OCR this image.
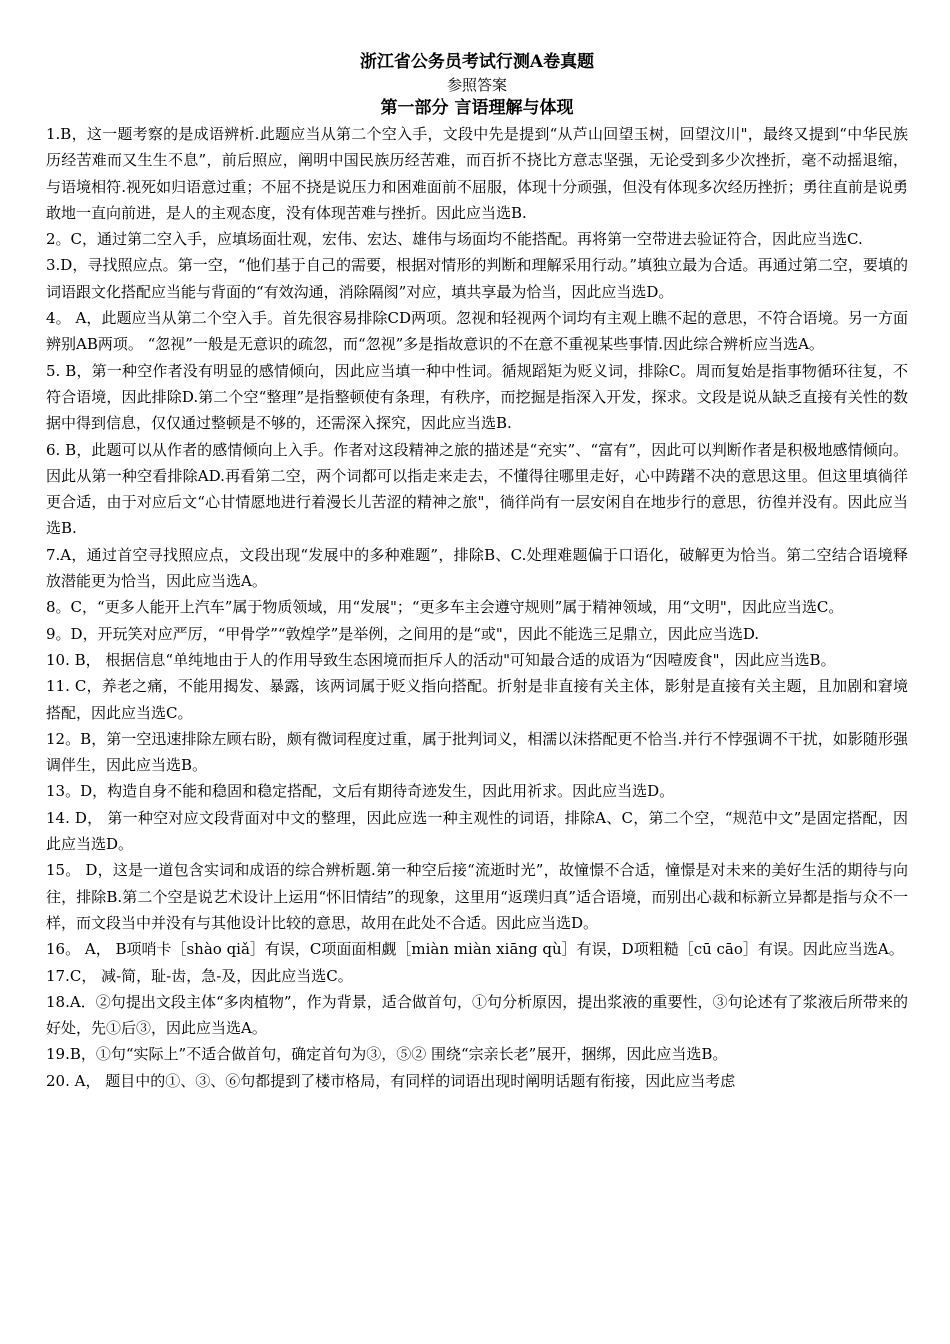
浙江省公务员考试行测A卷真题

参照答案

第一部分 言语理解与体现

1.B，这一题考察的是成语辨析.此题应当从第二个空入手，文段中先是提到“从芦山回望玉树，回望汶川"，最终又提到“中华民族历经苦难而又生生不息”，前后照应，阐明中国民族历经苦难，而百折不挠比方意志坚强，无论受到多少次挫折，毫不动摇退缩，与语境相符.视死如归语意过重；不屈不挠是说压力和困难面前不屈服，体现十分顽强，但没有体现多次经历挫折；勇往直前是说勇敢地一直向前进，是人的主观态度，没有体现苦难与挫折。因此应当选B.

2。C，通过第二空入手，应填场面壮观，宏伟、宏达、雄伟与场面均不能搭配。再将第一空带进去验证符合，因此应当选C.

3.D，寻找照应点。第一空，“他们基于自己的需要，根据对情形的判断和理解采用行动。”填独立最为合适。再通过第二空，要填的词语跟文化搭配应当能与背面的“有效沟通，消除隔阂”对应，填共享最为恰当，因此应当选D。

4。 A，此题应当从第二个空入手。首先很容易排除CD两项。忽视和轻视两个词均有主观上瞧不起的意思，不符合语境。另一方面辨别AB两项。 “忽视”一般是无意识的疏忽，而“忽视”多是指故意识的不在意不重视某些事情.因此综合辨析应当选A。

5. B，第一种空作者没有明显的感情倾向，因此应当填一种中性词。循规蹈矩为贬义词，排除C。周而复始是指事物循环往复，不符合语境，因此排除D.第二个空“整理”是指整顿使有条理，有秩序，而挖掘是指深入开发，探求。文段是说从缺乏直接有关性的数据中得到信息，仅仅通过整顿是不够的，还需深入探究，因此应当选B.

6. B，此题可以从作者的感情倾向上入手。作者对这段精神之旅的描述是“充实”、“富有”，因此可以判断作者是积极地感情倾向。因此从第一种空看排除AD.再看第二空，两个词都可以指走来走去，不懂得往哪里走好，心中踌躇不决的意思这里。但这里填徜徉更合适，由于对应后文“心甘情愿地进行着漫长儿苦涩的精神之旅"，徜徉尚有一层安闲自在地步行的意思，彷徨并没有。因此应当选B.

7.A，通过首空寻找照应点，文段出现“发展中的多种难题”，排除B、C.处理难题偏于口语化，破解更为恰当。第二空结合语境释放潜能更为恰当，因此应当选A。

8。C，“更多人能开上汽车”属于物质领域，用“发展"；“更多车主会遵守规则”属于精神领域，用“文明"，因此应当选C。

9。D，开玩笑对应严厉，“甲骨学”“敦煌学”是举例，之间用的是“或"，因此不能选三足鼎立，因此应当选D.

10. B， 根据信息“单纯地由于人的作用导致生态困境而拒斥人的活动"可知最合适的成语为“因噎废食"，因此应当选B。

11. C，养老之痛，不能用揭发、暴露，该两词属于贬义指向搭配。折射是非直接有关主体，影射是直接有关主题，且加剧和窘境搭配，因此应当选C。

12。B，第一空迅速排除左顾右盼，颇有微词程度过重，属于批判词义，相濡以沫搭配更不恰当.并行不悖强调不干扰，如影随形强调伴生，因此应当选B。

13。D，构造自身不能和稳固和稳定搭配，文后有期待奇迹发生，因此用祈求。因此应当选D。

14. D， 第一种空对应文段背面对中文的整理，因此应选一种主观性的词语，排除A、C，第二个空，“规范中文”是固定搭配，因此应当选D。

15。 D，这是一道包含实词和成语的综合辨析题.第一种空后接“流逝时光”，故憧憬不合适，憧憬是对未来的美好生活的期待与向往，排除B.第二个空是说艺术设计上运用“怀旧情结”的现象，这里用“返璞归真”适合语境，而别出心裁和标新立异都是指与众不一样，而文段当中并没有与其他设计比较的意思，故用在此处不合适。因此应当选D。

16。 A， B项哨卡［shào qiǎ］有误，C项面面相觑［miàn miàn xiāng qù］有误，D项粗糙［cū cāo］有误。因此应当选A。

17.C， 减-简，耻-齿，急-及，因此应当选C。

18.A．②句提出文段主体“多肉植物”，作为背景，适合做首句，①句分析原因，提出浆液的重要性，③句论述有了浆液后所带来的好处，先①后③，因此应当选A。

19.B，①句“实际上”不适合做首句，确定首句为③，⑤② 围绕“宗亲长老”展开，捆绑，因此应当选B。

20. A， 题目中的①、③、⑥句都提到了楼市格局，有同样的词语出现时阐明话题有衔接，因此应当考虑
